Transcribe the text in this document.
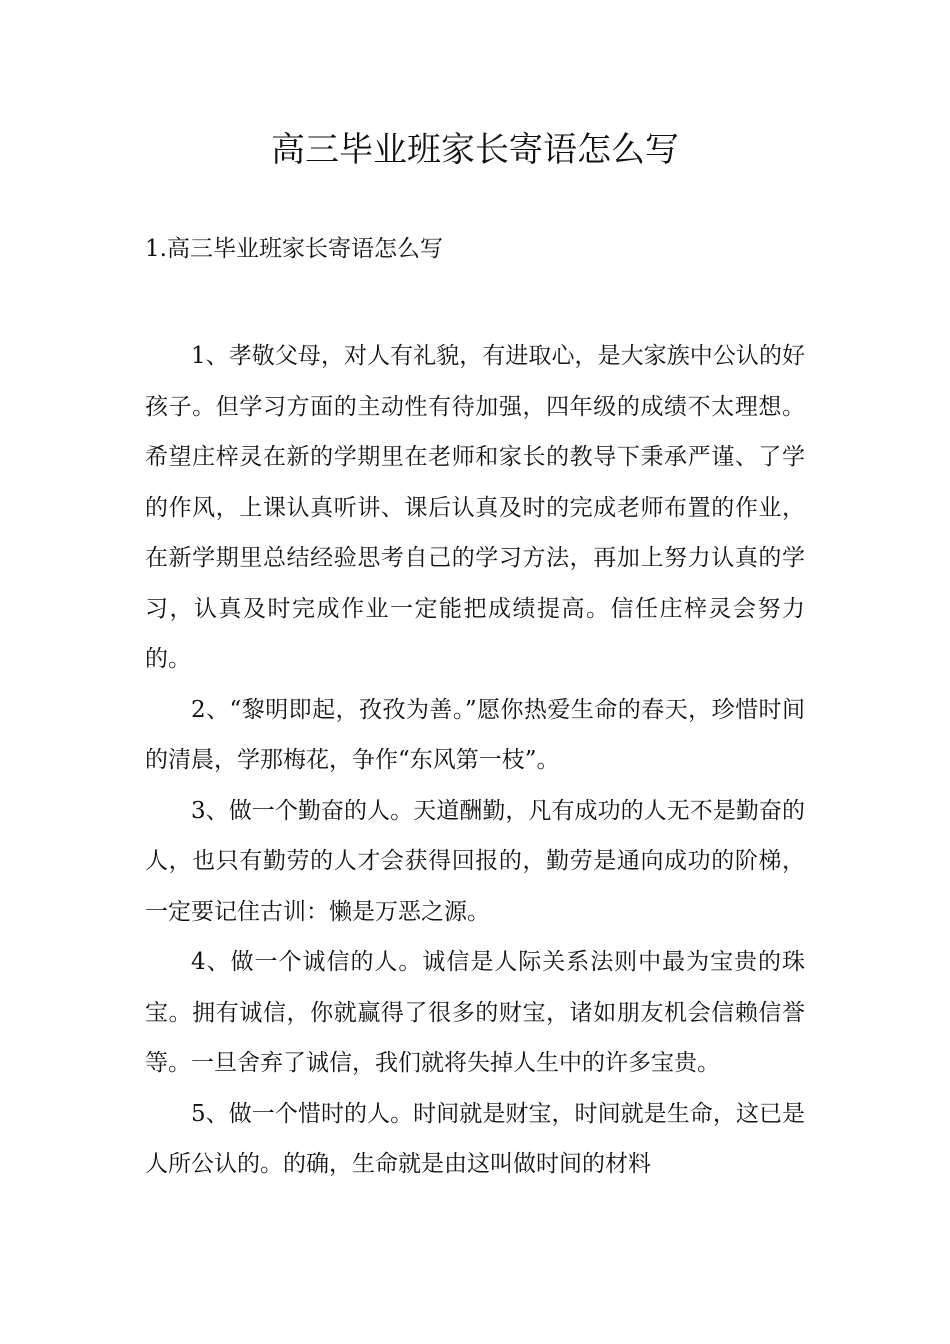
高三毕业班家长寄语怎么写
1.高三毕业班家长寄语怎么写

1、孝敬父母，对人有礼貌，有进取心，是大家族中公认的好孩子。但学习方面的主动性有待加强，四年级的成绩不太理想。希望庄梓灵在新的学期里在老师和家长的教导下秉承严谨、了学的作风，上课认真听讲、课后认真及时的完成老师布置的作业，在新学期里总结经验思考自己的学习方法，再加上努力认真的学习，认真及时完成作业一定能把成绩提高。信任庄梓灵会努力的。

2、“黎明即起，孜孜为善。”愿你热爱生命的春天，珍惜时间的清晨，学那梅花，争作“东风第一枝”。

3、做一个勤奋的人。天道酬勤，凡有成功的人无不是勤奋的人，也只有勤劳的人才会获得回报的，勤劳是通向成功的阶梯，一定要记住古训：懒是万恶之源。

4、做一个诚信的人。诚信是人际关系法则中最为宝贵的珠宝。拥有诚信，你就赢得了很多的财宝，诸如朋友机会信赖信誉等。一旦舍弃了诚信，我们就将失掉人生中的许多宝贵。

5、做一个惜时的人。时间就是财宝，时间就是生命，这已是人所公认的。的确，生命就是由这叫做时间的材料
